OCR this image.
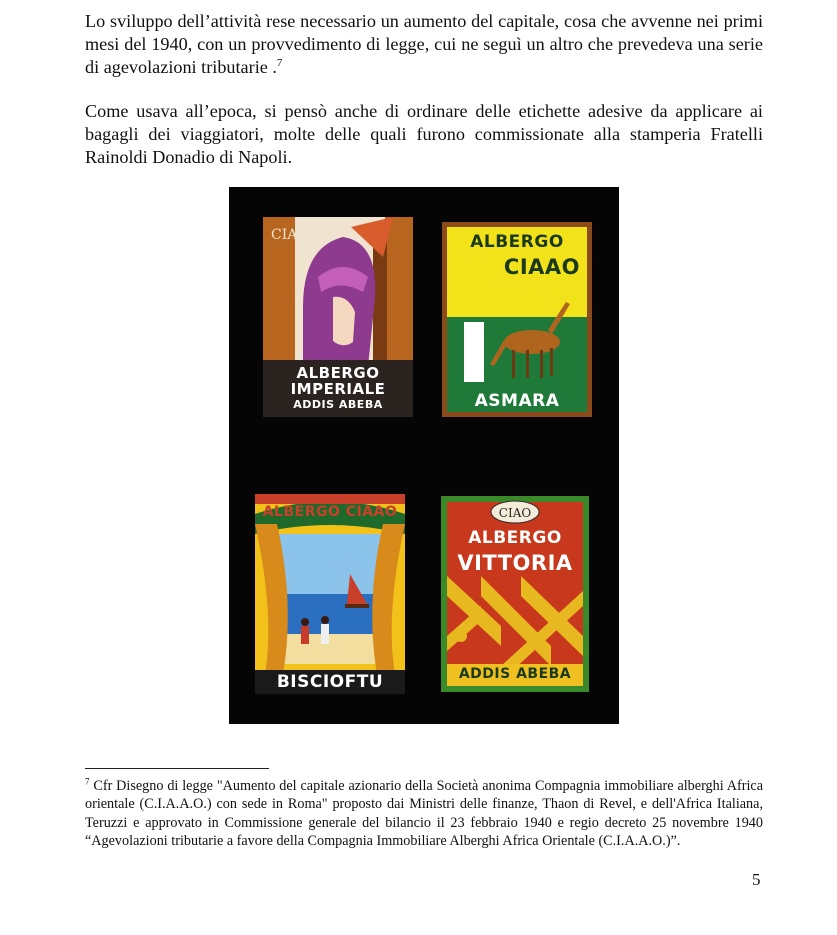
Lo sviluppo dell’attività rese necessario un aumento del capitale, cosa che avvenne nei primi mesi del 1940, con un provvedimento di legge, cui ne seguì un altro che prevedeva una serie di agevolazioni tributarie .$^7$

Come usava all’epoca, si pensò anche di ordinare delle etichette adesive da applicare ai bagagli dei viaggiatori, molte delle quali furono commissionate alla stamperia Fratelli Rainoldi Donadio di Napoli.

CIAO
ALBERGO
IMPERIALE
ADDIS ABEBA
ALBERGO
CIAAO
ASMARA
ALBERGO CIAAO
BISCIOFTU
CIAO
ALBERGO
VITTORIA
ADDIS ABEBA

$^7$ Cfr Disegno di legge "Aumento del capitale azionario della Società anonima Compagnia immobiliare alberghi Africa orientale (C.I.A.A.O.) con sede in Roma" proposto dai Ministri delle finanze, Thaon di Revel, e dell'Africa Italiana, Teruzzi e approvato in Commissione generale del bilancio il 23 febbraio 1940 e regio decreto 25 novembre 1940 “Agevolazioni tributarie a favore della Compagnia Immobiliare Alberghi Africa Orientale (C.I.A.A.O.)”.

5
